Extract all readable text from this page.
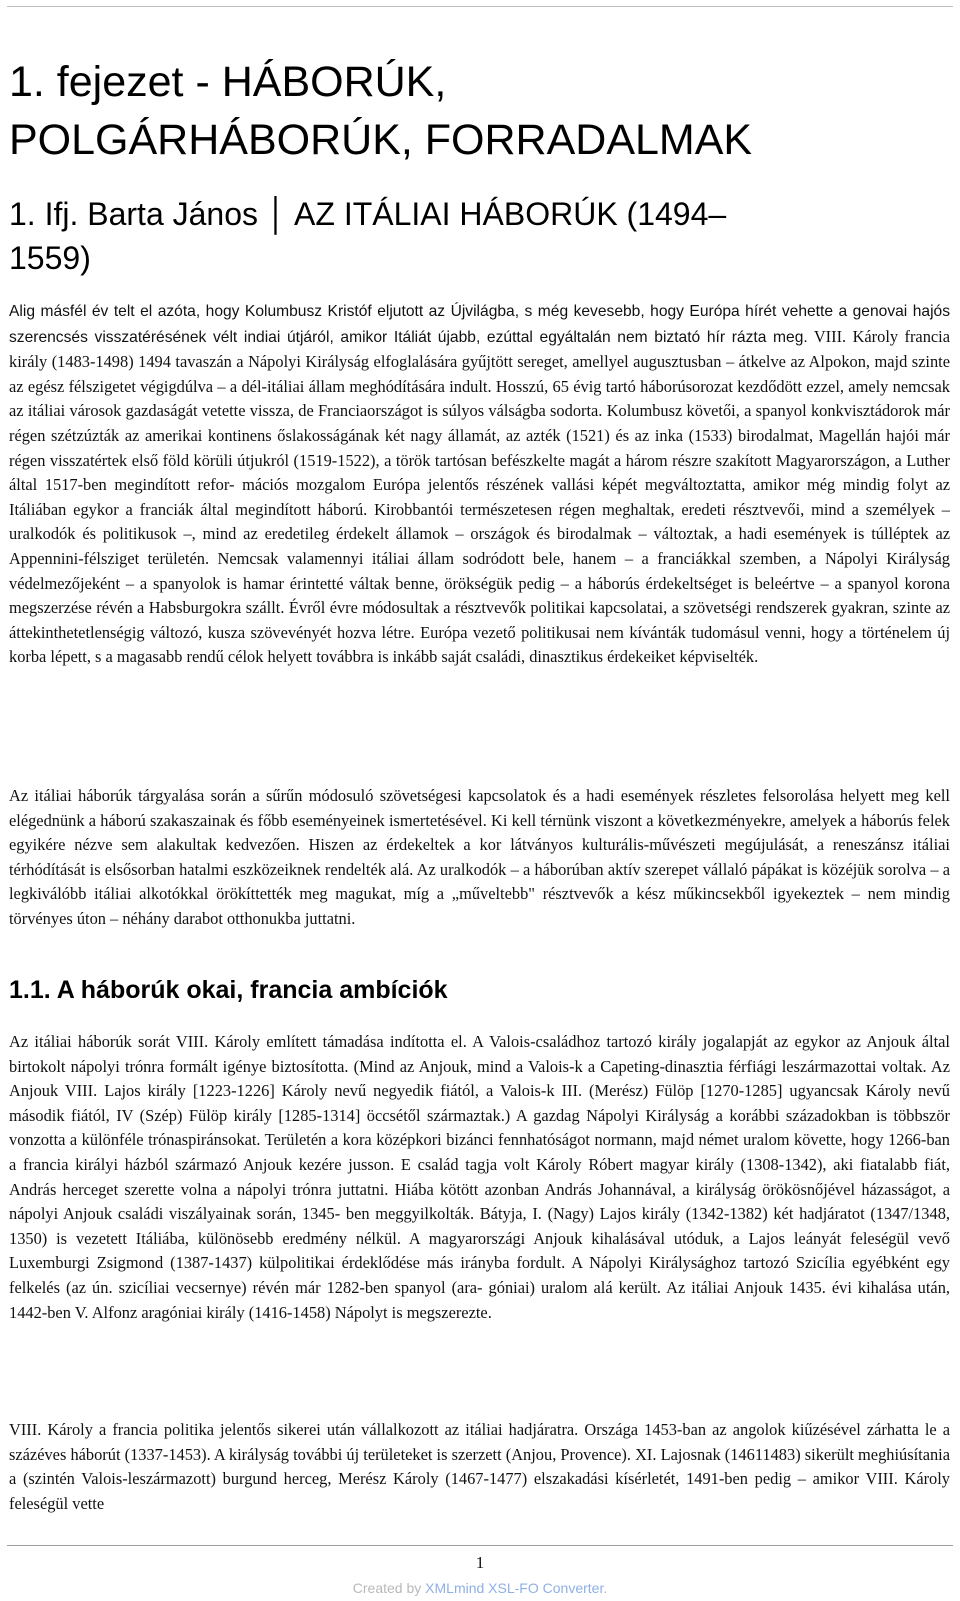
1. fejezet - HÁBORÚK,
POLGÁRHÁBORÚK, FORRADALMAK
1. Ifj. Barta János │ AZ ITÁLIAI HÁBORÚK (1494–
1559)

Alig másfél év telt el azóta, hogy Kolumbusz Kristóf eljutott az Újvilágba, s még kevesebb, hogy Európa hírét vehette a genovai hajós szerencsés visszatérésének vélt indiai útjáról, amikor Itáliát újabb, ezúttal egyáltalán nem biztató hír rázta meg. VIII. Károly francia király (1483-1498) 1494 tavaszán a Nápolyi Királyság elfoglalására gyűjtött sereget, amellyel augusztusban – átkelve az Alpokon, majd szinte az egész félszigetet végigdúlva – a dél-itáliai állam meghódítására indult. Hosszú, 65 évig tartó háborúsorozat kezdődött ezzel, amely nemcsak az itáliai városok gazdaságát vetette vissza, de Franciaországot is súlyos válságba sodorta. Kolumbusz követői, a spanyol konkvisztádorok már régen szétzúzták az amerikai kontinens őslakosságának két nagy államát, az azték (1521) és az inka (1533) birodalmat, Magellán hajói már régen visszatértek első föld körüli útjukról (1519-1522), a török tartósan befészkelte magát a három részre szakított Magyarországon, a Luther által 1517-ben megindított refor- mációs mozgalom Európa jelentős részének vallási képét megváltoztatta, amikor még mindig folyt az Itáliában egykor a franciák által megindított háború. Kirobbantói természetesen régen meghaltak, eredeti résztvevői, mind a személyek – uralkodók és politikusok –, mind az eredetileg érdekelt államok – országok és birodalmak – változtak, a hadi események is túlléptek az Appennini-félsziget területén. Nemcsak valamennyi itáliai állam sodródott bele, hanem – a franciákkal szemben, a Nápolyi Királyság védelmezőjeként – a spanyolok is hamar érintetté váltak benne, örökségük pedig – a háborús érdekeltséget is beleértve – a spanyol korona megszerzése révén a Habsburgokra szállt. Évről évre módosultak a résztvevők politikai kapcsolatai, a szövetségi rendszerek gyakran, szinte az áttekinthetetlenségig változó, kusza szövevényét hozva létre. Európa vezető politikusai nem kívánták tudomásul venni, hogy a történelem új korba lépett, s a magasabb rendű célok helyett továbbra is inkább saját családi, dinasztikus érdekeiket képviselték.

Az itáliai háborúk tárgyalása során a sűrűn módosuló szövetségesi kapcsolatok és a hadi események részletes felsorolása helyett meg kell elégednünk a háború szakaszainak és főbb eseményeinek ismertetésével. Ki kell térnünk viszont a következményekre, amelyek a háborús felek egyikére nézve sem alakultak kedvezően. Hiszen az érdekeltek a kor látványos kulturális-művészeti megújulását, a reneszánsz itáliai térhódítását is elsősorban hatalmi eszközeiknek rendelték alá. Az uralkodók – a háborúban aktív szerepet vállaló pápákat is közéjük sorolva – a legkiválóbb itáliai alkotókkal örökíttették meg magukat, míg a „műveltebb" résztvevők a kész műkincsekből igyekeztek – nem mindig törvényes úton – néhány darabot otthonukba juttatni.

1.1. A háborúk okai, francia ambíciók

Az itáliai háborúk sorát VIII. Károly említett támadása indította el. A Valois-családhoz tartozó király jogalapját az egykor az Anjouk által birtokolt nápolyi trónra formált igénye biztosította. (Mind az Anjouk, mind a Valois-k a Capeting-dinasztia férfiági leszármazottai voltak. Az Anjouk VIII. Lajos király [1223-1226] Károly nevű negyedik fiától, a Valois-k III. (Merész) Fülöp [1270-1285] ugyancsak Károly nevű második fiától, IV (Szép) Fülöp király [1285-1314] öccsétől származtak.) A gazdag Nápolyi Királyság a korábbi századokban is többször vonzotta a különféle trónaspiránsokat. Területén a kora középkori bizánci fennhatóságot normann, majd német uralom követte, hogy 1266-ban a francia királyi házból származó Anjouk kezére jusson. E család tagja volt Károly Róbert magyar király (1308-1342), aki fiatalabb fiát, András herceget szerette volna a nápolyi trónra juttatni. Hiába kötött azonban András Johannával, a királyság örökösnőjével házasságot, a nápolyi Anjouk családi viszályainak során, 1345- ben meggyilkolták. Bátyja, I. (Nagy) Lajos király (1342-1382) két hadjáratot (1347/1348, 1350) is vezetett Itáliába, különösebb eredmény nélkül. A magyarországi Anjouk kihalásával utóduk, a Lajos leányát feleségül vevő Luxemburgi Zsigmond (1387-1437) külpolitikai érdeklődése más irányba fordult. A Nápolyi Királysághoz tartozó Szicília egyébként egy felkelés (az ún. szicíliai vecsernye) révén már 1282-ben spanyol (ara- góniai) uralom alá került. Az itáliai Anjouk 1435. évi kihalása után, 1442-ben V. Alfonz aragóniai király (1416-1458) Nápolyt is megszerezte.

VIII. Károly a francia politika jelentős sikerei után vállalkozott az itáliai hadjáratra. Országa 1453-ban az angolok kiűzésével zárhatta le a százéves háborút (1337-1453). A királyság további új területeket is szerzett (Anjou, Provence). XI. Lajosnak (14611483) sikerült meghiúsítania a (szintén Valois-leszármazott) burgund herceg, Merész Károly (1467-1477) elszakadási kísérletét, 1491-ben pedig – amikor VIII. Károly feleségül vette

1
Created by XMLmind XSL-FO Converter.
